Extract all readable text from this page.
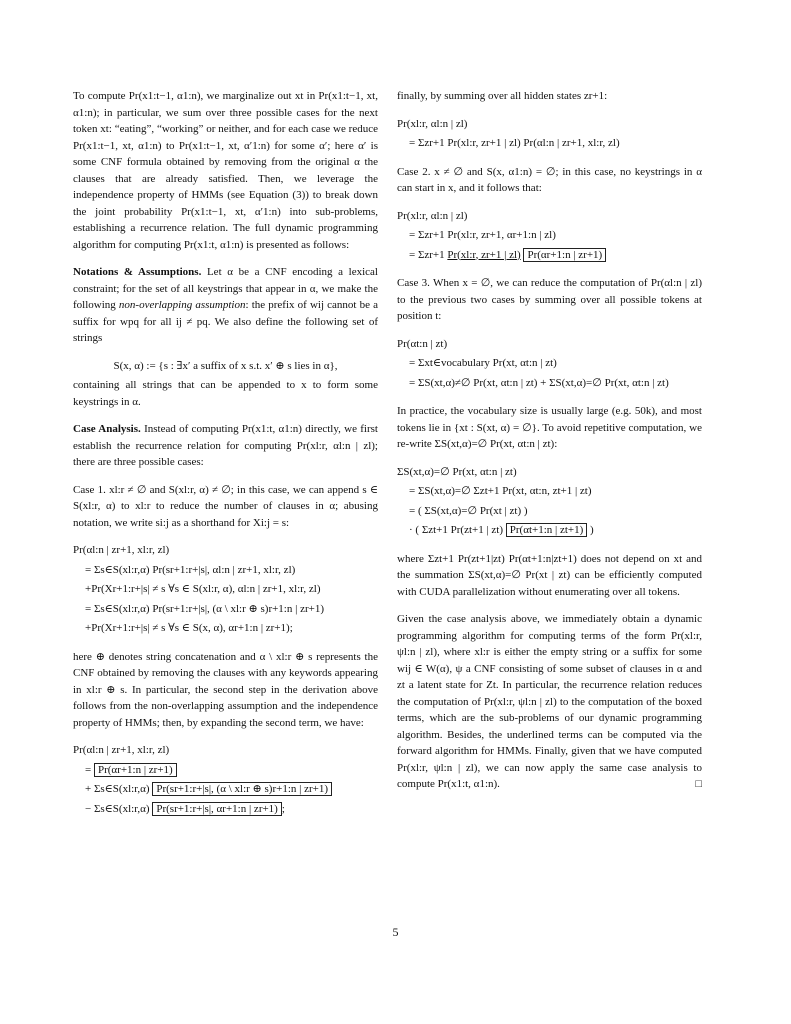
To compute Pr(x1:t−1, α1:n), we marginalize out xt in Pr(x1:t−1, xt, α1:n); in particular, we sum over three possible cases for the next token xt: “eating”, “working” or neither, and for each case we reduce Pr(x1:t−1, xt, α1:n) to Pr(x1:t−1, xt, α′1:n) for some α′; here α′ is some CNF formula obtained by removing from the original α the clauses that are already satisfied. Then, we leverage the independence property of HMMs (see Equation (3)) to break down the joint probability Pr(x1:t−1, xt, α′1:n) into sub-problems, establishing a recurrence relation. The full dynamic programming algorithm for computing Pr(x1:t, α1:n) is presented as follows:

Notations & Assumptions. Let α be a CNF encoding a lexical constraint; for the set of all keystrings that appear in α, we make the following non-overlapping assumption: the prefix of wij cannot be a suffix for wpq for all ij ≠ pq. We also define the following set of strings

S(x, α) := {s : ∃x′ a suffix of x s.t. x′ ⊕ s lies in α},

containing all strings that can be appended to x to form some keystrings in α.

Case Analysis. Instead of computing Pr(x1:t, α1:n) directly, we first establish the recurrence relation for computing Pr(xl:r, αl:n | zl); there are three possible cases:

Case 1. xl:r ≠ ∅ and S(xl:r, α) ≠ ∅; in this case, we can append s ∈ S(xl:r, α) to xl:r to reduce the number of clauses in α; abusing notation, we write si:j as a shorthand for Xi:j = s:

Pr(αl:n | zr+1, xl:r, zl)
= Σs∈S(xl:r,α) Pr(sr+1:r+|s|, αl:n | zr+1, xl:r, zl)
+Pr(Xr+1:r+|s| ≠ s ∀s ∈ S(xl:r, α), αl:n | zr+1, xl:r, zl)
= Σs∈S(xl:r,α) Pr(sr+1:r+|s|, (α \ xl:r ⊕ s)r+1:n | zr+1)
+Pr(Xr+1:r+|s| ≠ s ∀s ∈ S(x, α), αr+1:n | zr+1);

here ⊕ denotes string concatenation and α \ xl:r ⊕ s represents the CNF obtained by removing the clauses with any keywords appearing in xl:r ⊕ s. In particular, the second step in the derivation above follows from the non-overlapping assumption and the independence property of HMMs; then, by expanding the second term, we have:

Pr(αl:n | zr+1, xl:r, zl)
= Pr(αr+1:n | zr+1)
+ Σs∈S(xl:r,α) Pr(sr+1:r+|s|, (α \ xl:r ⊕ s)r+1:n | zr+1)
− Σs∈S(xl:r,α) Pr(sr+1:r+|s|, αr+1:n | zr+1) ;

finally, by summing over all hidden states zr+1:

Pr(xl:r, αl:n | zl)
= Σzr+1 Pr(xl:r, zr+1 | zl) Pr(αl:n | zr+1, xl:r, zl)

Case 2. x ≠ ∅ and S(x, α1:n) = ∅; in this case, no keystrings in α can start in x, and it follows that:

Pr(xl:r, αl:n | zl)
= Σzr+1 Pr(xl:r, zr+1, αr+1:n | zl)
= Σzr+1 Pr(xl:r, zr+1 | zl) Pr(αr+1:n | zr+1)

Case 3. When x = ∅, we can reduce the computation of Pr(αl:n | zl) to the previous two cases by summing over all possible tokens at position t:

Pr(αt:n | zt)
= Σxt∈vocabulary Pr(xt, αt:n | zt)
= ΣS(xt,α)≠∅ Pr(xt, αt:n | zt) + ΣS(xt,α)=∅ Pr(xt, αt:n | zt)

In practice, the vocabulary size is usually large (e.g. 50k), and most tokens lie in {xt : S(xt, α) = ∅}. To avoid repetitive computation, we re-write ΣS(xt,α)=∅ Pr(xt, αt:n | zt):

ΣS(xt,α)=∅ Pr(xt, αt:n | zt)
= ΣS(xt,α)=∅ Σzt+1 Pr(xt, αt:n, zt+1 | zt)
= ( ΣS(xt,α)=∅ Pr(xt | zt) )
· ( Σzt+1 Pr(zt+1 | zt) Pr(αt+1:n | zt+1) )

where Σzt+1 Pr(zt+1|zt) Pr(αt+1:n|zt+1) does not depend on xt and the summation ΣS(xt,α)=∅ Pr(xt | zt) can be efficiently computed with CUDA parallelization without enumerating over all tokens.

Given the case analysis above, we immediately obtain a dynamic programming algorithm for computing terms of the form Pr(xl:r, ψl:n | zl), where xl:r is either the empty string or a suffix for some wij ∈ W(α), ψ a CNF consisting of some subset of clauses in α and zt a latent state for Zt. In particular, the recurrence relation reduces the computation of Pr(xl:r, ψl:n | zl) to the computation of the boxed terms, which are the sub-problems of our dynamic programming algorithm. Besides, the underlined terms can be computed via the forward algorithm for HMMs. Finally, given that we have computed Pr(xl:r, ψl:n | zl), we can now apply the same case analysis to compute Pr(x1:t, α1:n).	□

5
